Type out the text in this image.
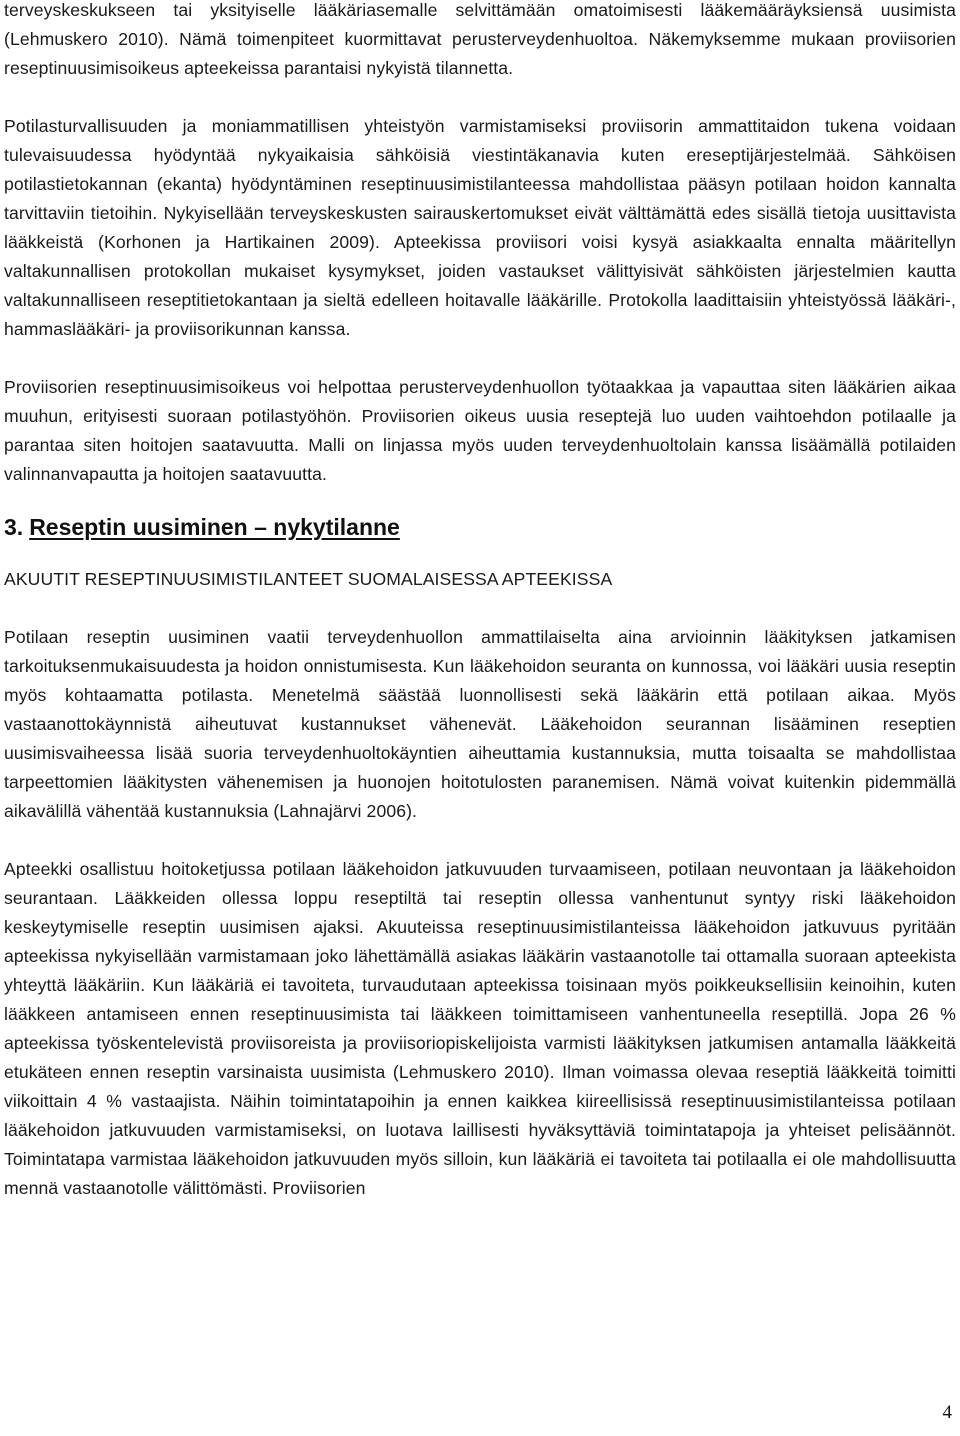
terveyskeskukseen tai yksityiselle lääkäriasemalle selvittämään omatoimisesti lääkemääräyksiensä uusimista (Lehmuskero 2010). Nämä toimenpiteet kuormittavat perusterveydenhuoltoa. Näkemyksemme mukaan proviisorien reseptinuusimisoikeus apteekeissa parantaisi nykyistä tilannetta.

Potilasturvallisuuden ja moniammatillisen yhteistyön varmistamiseksi proviisorin ammattitaidon tukena voidaan tulevaisuudessa hyödyntää nykyaikaisia sähköisiä viestintäkanavia kuten ereseptijärjestelmää. Sähköisen potilastietokannan (ekanta) hyödyntäminen reseptinuusimistilanteessa mahdollistaa pääsyn potilaan hoidon kannalta tarvittaviin tietoihin. Nykyisellään terveyskeskusten sairauskertomukset eivät välttämättä edes sisällä tietoja uusittavista lääkkeistä (Korhonen ja Hartikainen 2009). Apteekissa proviisori voisi kysyä asiakkaalta ennalta määritellyn valtakunnallisen protokollan mukaiset kysymykset, joiden vastaukset välittyisivät sähköisten järjestelmien kautta valtakunnalliseen reseptitietokantaan ja sieltä edelleen hoitavalle lääkärille. Protokolla laadittaisiin yhteistyössä lääkäri-, hammaslääkäri- ja proviisorikunnan kanssa.

Proviisorien reseptinuusimisoikeus voi helpottaa perusterveydenhuollon työtaakkaa ja vapauttaa siten lääkärien aikaa muuhun, erityisesti suoraan potilastyöhön. Proviisorien oikeus uusia reseptejä luo uuden vaihtoehdon potilaalle ja parantaa siten hoitojen saatavuutta. Malli on linjassa myös uuden terveydenhuoltolain kanssa lisäämällä potilaiden valinnanvapautta ja hoitojen saatavuutta.

3. Reseptin uusiminen – nykytilanne

AKUUTIT RESEPTINUUSIMISTILANTEET SUOMALAISESSA APTEEKISSA

Potilaan reseptin uusiminen vaatii terveydenhuollon ammattilaiselta aina arvioinnin lääkityksen jatkamisen tarkoituksenmukaisuudesta ja hoidon onnistumisesta. Kun lääkehoidon seuranta on kunnossa, voi lääkäri uusia reseptin myös kohtaamatta potilasta. Menetelmä säästää luonnollisesti sekä lääkärin että potilaan aikaa. Myös vastaanottokäynnistä aiheutuvat kustannukset vähenevät. Lääkehoidon seurannan lisääminen reseptien uusimisvaiheessa lisää suoria terveydenhuoltokäyntien aiheuttamia kustannuksia, mutta toisaalta se mahdollistaa tarpeettomien lääkitysten vähenemisen ja huonojen hoitotulosten paranemisen. Nämä voivat kuitenkin pidemmällä aikavälillä vähentää kustannuksia (Lahnajärvi 2006).

Apteekki osallistuu hoitoketjussa potilaan lääkehoidon jatkuvuuden turvaamiseen, potilaan neuvontaan ja lääkehoidon seurantaan. Lääkkeiden ollessa loppu reseptiltä tai reseptin ollessa vanhentunut syntyy riski lääkehoidon keskeytymiselle reseptin uusimisen ajaksi. Akuuteissa reseptinuusimistilanteissa lääkehoidon jatkuvuus pyritään apteekissa nykyisellään varmistamaan joko lähettämällä asiakas lääkärin vastaanotolle tai ottamalla suoraan apteekista yhteyttä lääkäriin. Kun lääkäriä ei tavoiteta, turvaudutaan apteekissa toisinaan myös poikkeuksellisiin keinoihin, kuten lääkkeen antamiseen ennen reseptinuusimista tai lääkkeen toimittamiseen vanhentuneella reseptillä. Jopa 26 % apteekissa työskentelevistä proviisoreista ja proviisoriopiskelijoista varmisti lääkityksen jatkumisen antamalla lääkkeitä etukäteen ennen reseptin varsinaista uusimista (Lehmuskero 2010). Ilman voimassa olevaa reseptiä lääkkeitä toimitti viikoittain 4 % vastaajista. Näihin toimintatapoihin ja ennen kaikkea kiireellisissä reseptinuusimistilanteissa potilaan lääkehoidon jatkuvuuden varmistamiseksi, on luotava laillisesti hyväksyttäviä toimintatapoja ja yhteiset pelisäännöt. Toimintatapa varmistaa lääkehoidon jatkuvuuden myös silloin, kun lääkäriä ei tavoiteta tai potilaalla ei ole mahdollisuutta mennä vastaanotolle välittömästi. Proviisorien

4
